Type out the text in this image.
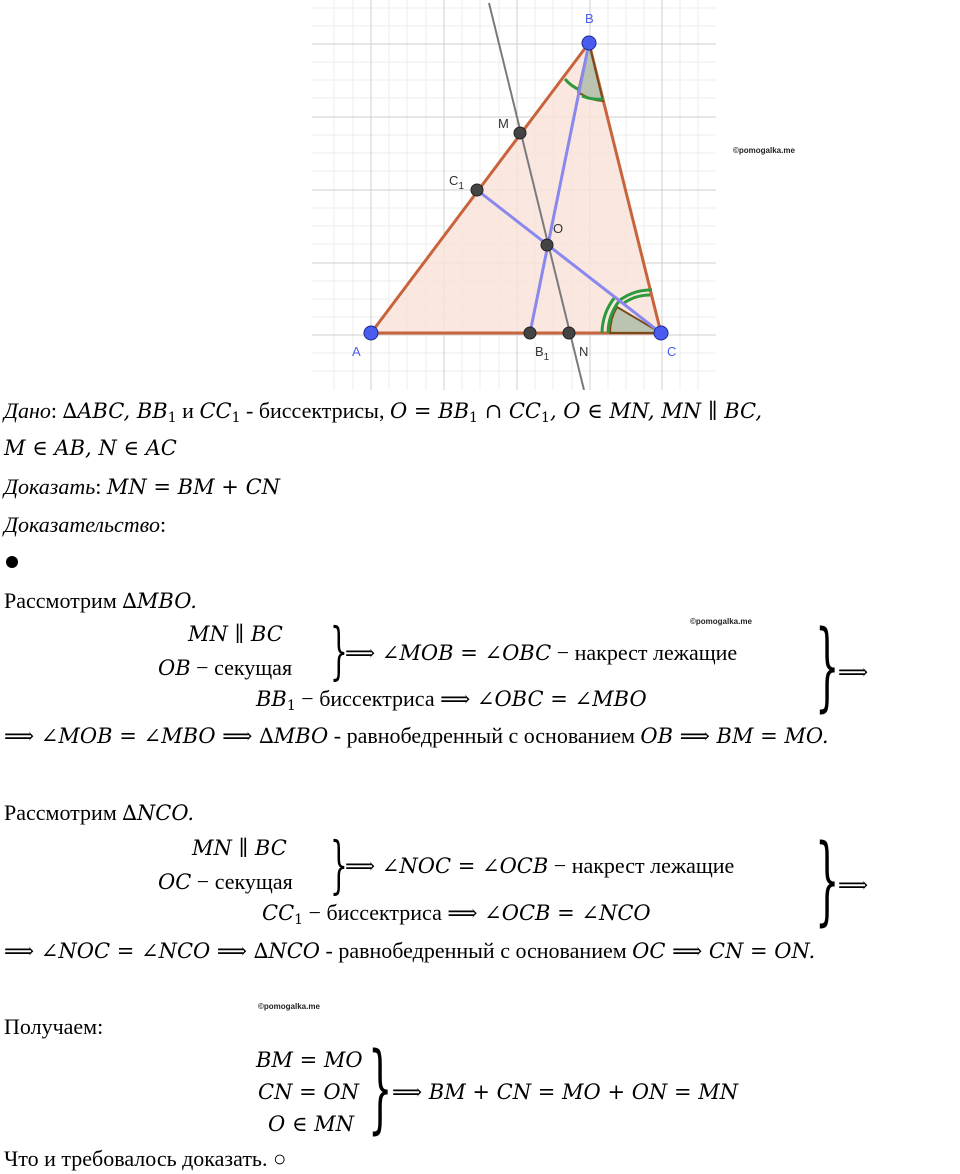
A
B
C
M
$C_1$
O
$B_1$ N
©pomogalka.me
©pomogalka.me
©pomogalka.me
Дано: ∆ABC, $BB_1$ и $CC_1$ - биссектрисы, $O = BB_1$ ∩ $CC_1$, O ∈ MN, MN ∥ BC,
M ∈ AB, N ∈ AC
Доказать: MN = BM + CN
Доказательство:
Рассмотрим ∆MBO.
MN ∥ BC
OB − секущая }
⟹ ∠MOB = ∠OBC − накрест лежащие
$BB_1$ − биссектриса ⟹ ∠OBC = ∠MBO }
⟹
⟹ ∠MOB = ∠MBO ⟹ ∆MBO - равнобедренный с основанием OB ⟹ BM = MO.
Рассмотрим ∆NCO.
MN ∥ BC
OC − секущая }
⟹ ∠NOC = ∠OCB − накрест лежащие
$CC_1$ − биссектриса ⟹ ∠OCB = ∠NCO }
⟹
⟹ ∠NOC = ∠NCO ⟹ ∆NCO - равнобедренный с основанием OC ⟹ CN = ON.
Получаем:
BM = MO
CN = ON
O ∈ MN } ⟹ BM + CN = MO + ON = MN
Что и требовалось доказать. ○
